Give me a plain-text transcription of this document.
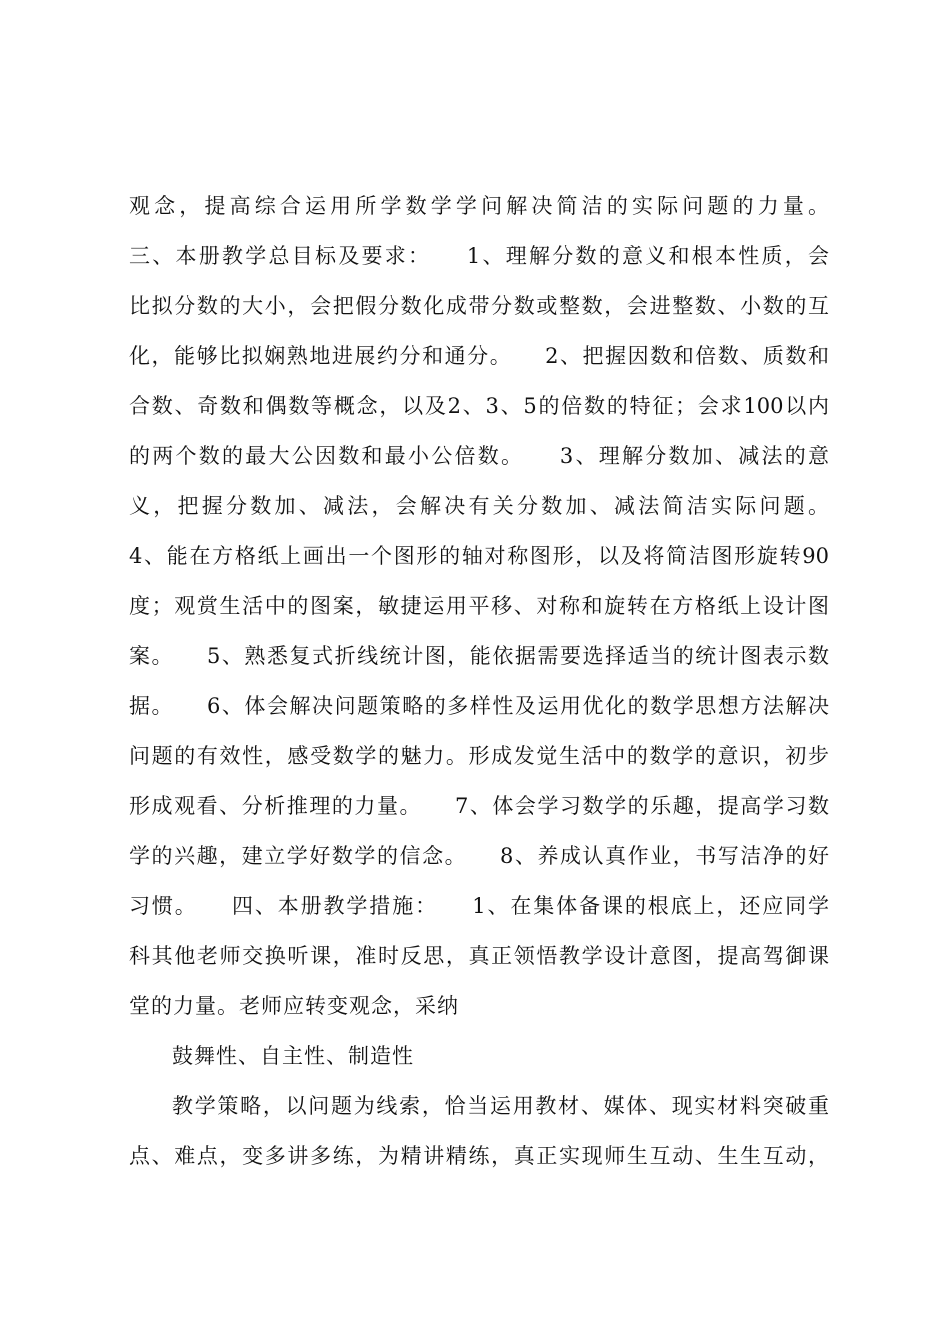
观念，提高综合运用所学数学学问解决简洁的实际问题的力量。
三、本册教学总目标及要求：    1、理解分数的意义和根本性质，会
比拟分数的大小，会把假分数化成带分数或整数，会进整数、小数的互
化，能够比拟娴熟地进展约分和通分。    2、把握因数和倍数、质数和
合数、奇数和偶数等概念，以及2、3、5的倍数的特征；会求100以内
的两个数的最大公因数和最小公倍数。    3、理解分数加、减法的意
义，把握分数加、减法，会解决有关分数加、减法简洁实际问题。
4、能在方格纸上画出一个图形的轴对称图形，以及将简洁图形旋转90
度；观赏生活中的图案，敏捷运用平移、对称和旋转在方格纸上设计图
案。    5、熟悉复式折线统计图，能依据需要选择适当的统计图表示数
据。    6、体会解决问题策略的多样性及运用优化的数学思想方法解决
问题的有效性，感受数学的魅力。形成发觉生活中的数学的意识，初步
形成观看、分析推理的力量。    7、体会学习数学的乐趣，提高学习数
学的兴趣，建立学好数学的信念。    8、养成认真作业，书写洁净的好
习惯。    四、本册教学措施：    1、在集体备课的根底上，还应同学
科其他老师交换听课，准时反思，真正领悟教学设计意图，提高驾御课
堂的力量。老师应转变观念，采纳
鼓舞性、自主性、制造性
教学策略，以问题为线索，恰当运用教材、媒体、现实材料突破重
点、难点，变多讲多练，为精讲精练，真正实现师生互动、生生互动，
